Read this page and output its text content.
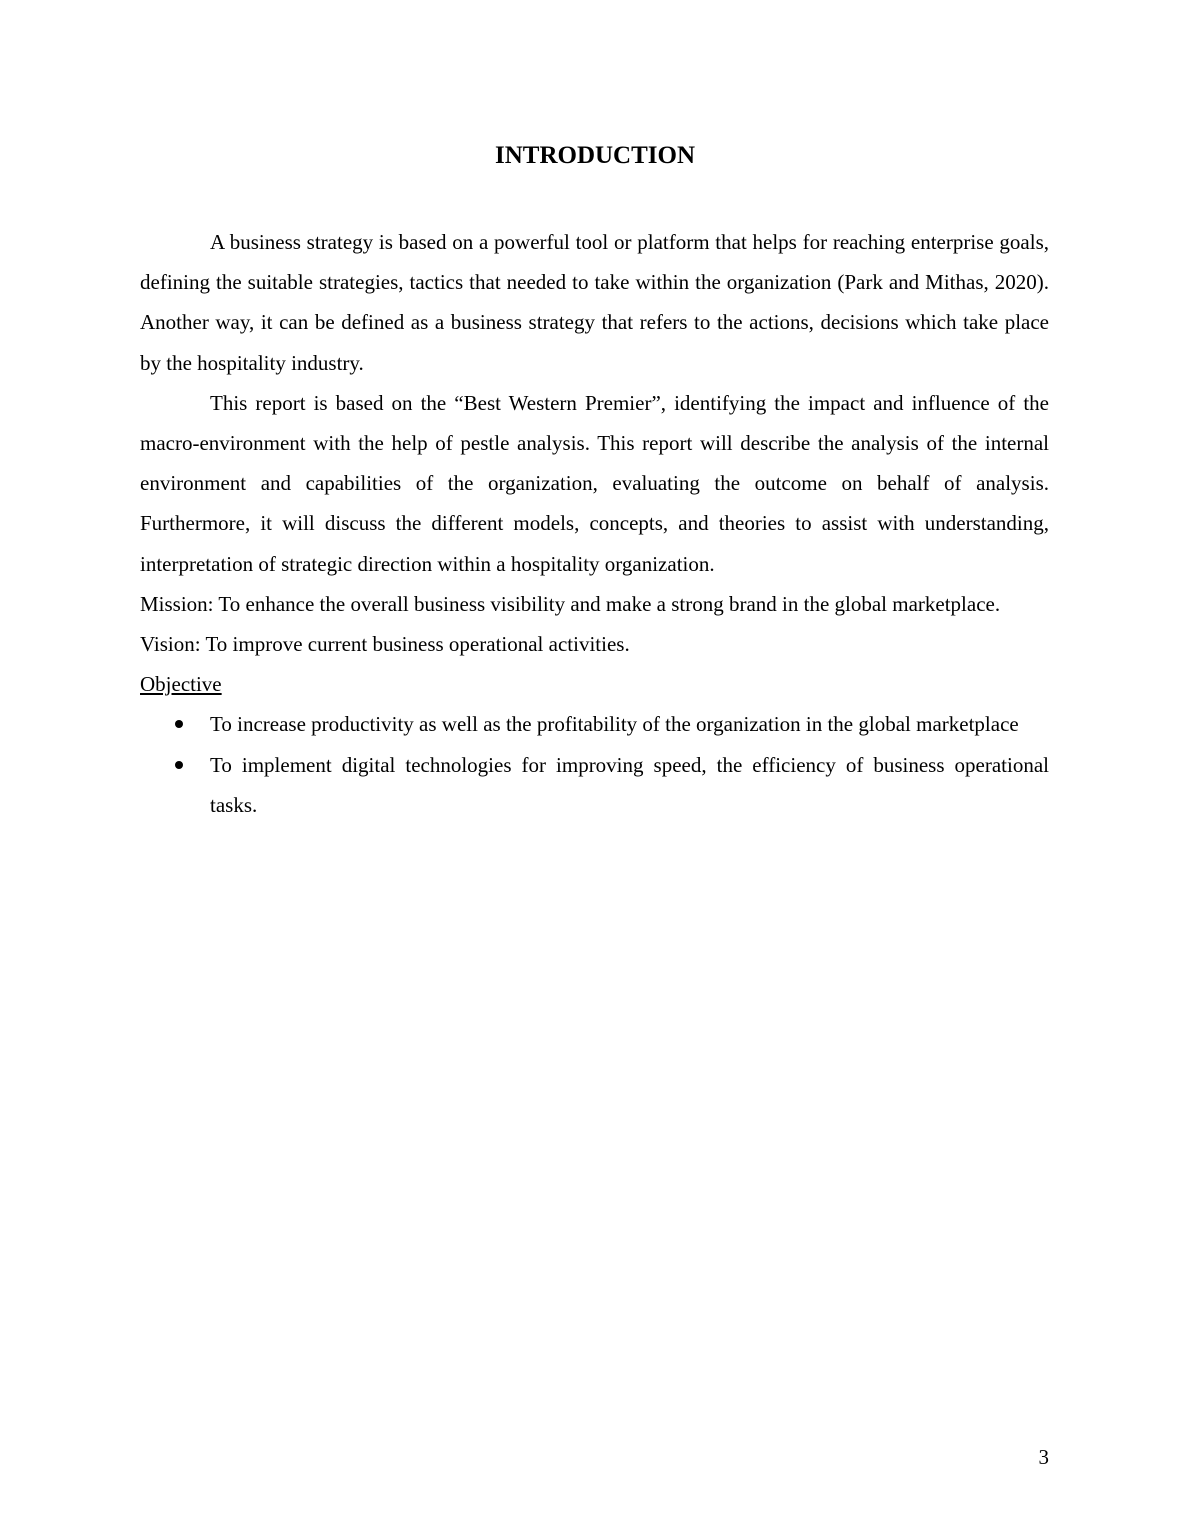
INTRODUCTION

A business strategy is based on a powerful tool or platform that helps for reaching enterprise goals, defining the suitable strategies, tactics that needed to take within the organization (Park and Mithas, 2020). Another way, it can be defined as a business strategy that refers to the actions, decisions which take place by the hospitality industry.

This report is based on the “Best Western Premier”, identifying the impact and influence of the macro-environment with the help of pestle analysis. This report will describe the analysis of the internal environment and capabilities of the organization, evaluating the outcome on behalf of analysis. Furthermore, it will discuss the different models, concepts, and theories to assist with understanding, interpretation of strategic direction within a hospitality organization.

Mission: To enhance the overall business visibility and make a strong brand in the global marketplace.

Vision: To improve current business operational activities.

Objective

To increase productivity as well as the profitability of the organization in the global marketplace
To implement digital technologies for improving speed, the efficiency of business operational tasks.
3
